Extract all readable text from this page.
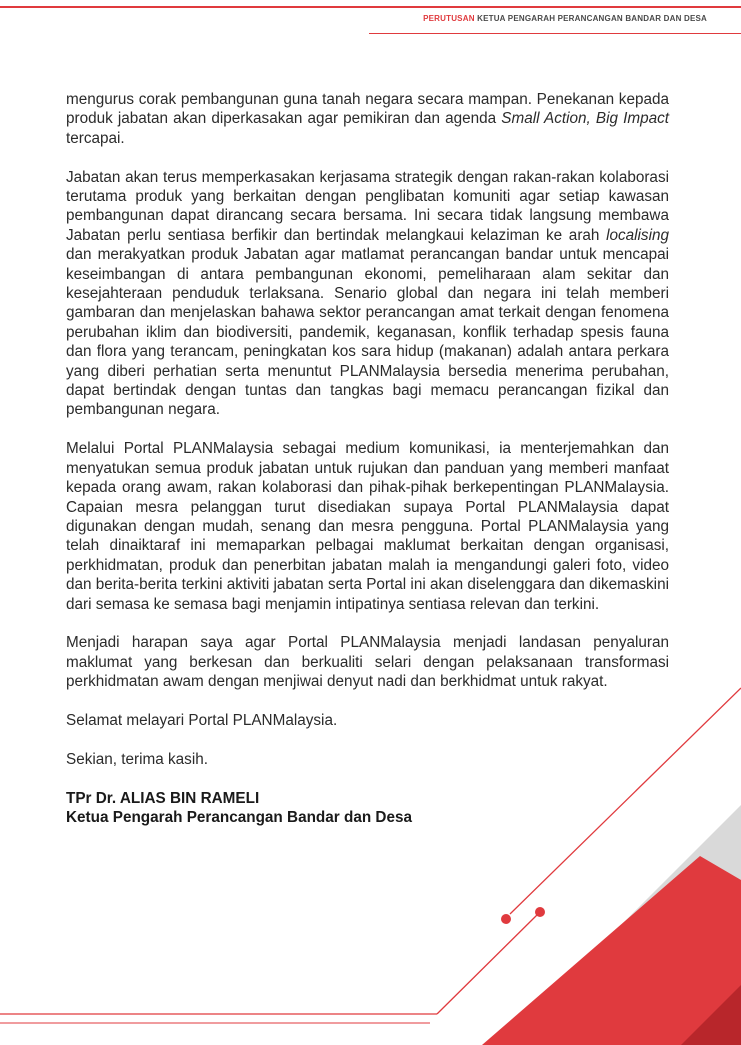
PERUTUSAN KETUA PENGARAH PERANCANGAN BANDAR DAN DESA

mengurus corak pembangunan guna tanah negara secara mampan. Penekanan kepada produk jabatan akan diperkasakan agar pemikiran dan agenda Small Action, Big Impact tercapai.

Jabatan akan terus memperkasakan kerjasama strategik dengan rakan-rakan kolaborasi terutama produk yang berkaitan dengan penglibatan komuniti agar setiap kawasan pembangunan dapat dirancang secara bersama. Ini secara tidak langsung membawa Jabatan perlu sentiasa berfikir dan bertindak melangkaui kelaziman ke arah localising dan merakyatkan produk Jabatan agar matlamat perancangan bandar untuk mencapai keseimbangan di antara pembangunan ekonomi, pemeliharaan alam sekitar dan kesejahteraan penduduk terlaksana. Senario global dan negara ini telah memberi gambaran dan menjelaskan bahawa sektor perancangan amat terkait dengan fenomena perubahan iklim dan biodiversiti, pandemik, keganasan, konflik terhadap spesis fauna dan flora yang terancam, peningkatan kos sara hidup (makanan) adalah antara perkara yang diberi perhatian serta menuntut PLANMalaysia bersedia menerima perubahan, dapat bertindak dengan tuntas dan tangkas bagi memacu perancangan fizikal dan pembangunan negara.

Melalui Portal PLANMalaysia sebagai medium komunikasi, ia menterjemahkan dan menyatukan semua produk jabatan untuk rujukan dan panduan yang memberi manfaat kepada orang awam, rakan kolaborasi dan pihak-pihak berkepentingan PLANMalaysia. Capaian mesra pelanggan turut disediakan supaya Portal PLANMalaysia dapat digunakan dengan mudah, senang dan mesra pengguna. Portal PLANMalaysia yang telah dinaiktaraf ini memaparkan pelbagai maklumat berkaitan dengan organisasi, perkhidmatan, produk dan penerbitan jabatan malah ia mengandungi galeri foto, video dan berita-berita terkini aktiviti jabatan serta Portal ini akan diselenggara dan dikemaskini dari semasa ke semasa bagi menjamin intipatinya sentiasa relevan dan terkini.

Menjadi harapan saya agar Portal PLANMalaysia menjadi landasan penyaluran maklumat yang berkesan dan berkualiti selari dengan pelaksanaan transformasi perkhidmatan awam dengan menjiwai denyut nadi dan berkhidmat untuk rakyat.

Selamat melayari Portal PLANMalaysia.

Sekian, terima kasih.

TPr Dr. ALIAS BIN RAMELI
Ketua Pengarah Perancangan Bandar dan Desa
